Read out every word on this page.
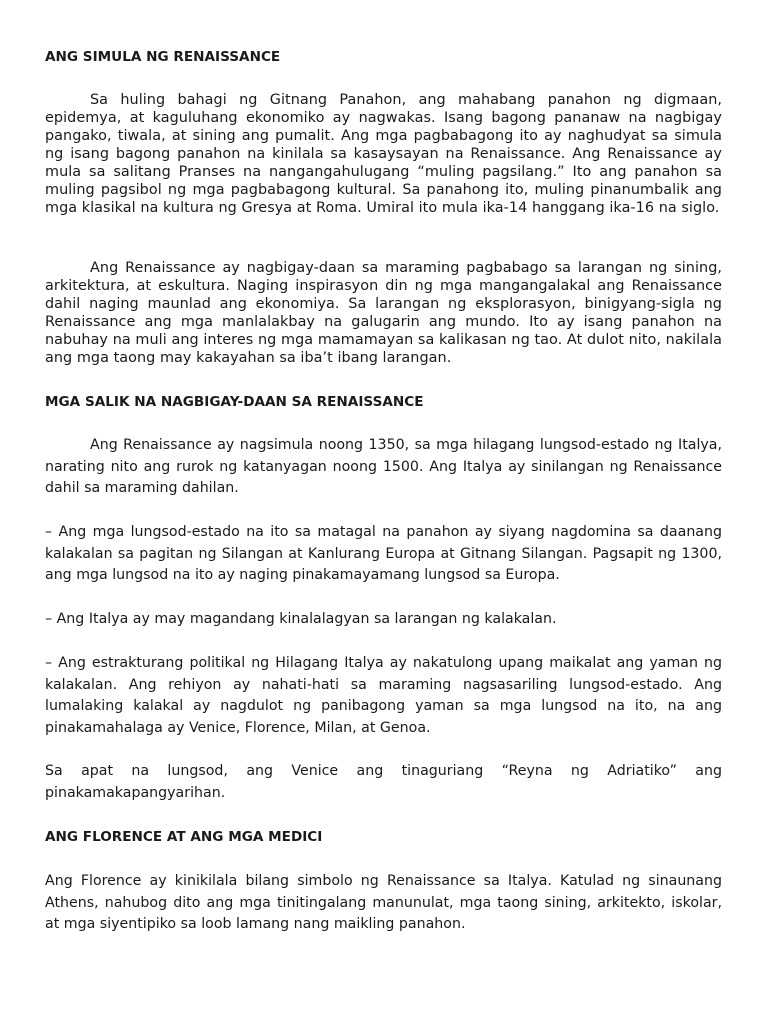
ANG SIMULA NG RENAISSANCE

Sa huling bahagi ng Gitnang Panahon, ang mahabang panahon ng digmaan, epidemya, at kaguluhang ekonomiko ay nagwakas. Isang bagong pananaw na nagbigay pangako, tiwala, at sining ang pumalit. Ang mga pagbabagong ito ay naghudyat sa simula ng isang bagong panahon na kinilala sa kasaysayan na Renaissance. Ang Renaissance ay mula sa salitang Pranses na nangangahulugang “muling pagsilang.” Ito ang panahon sa muling pagsibol ng mga pagbabagong kultural. Sa panahong ito, muling pinanumbalik ang mga klasikal na kultura ng Gresya at Roma. Umiral ito mula ika-14 hanggang ika-16 na siglo.

Ang Renaissance ay nagbigay-daan sa maraming pagbabago sa larangan ng sining, arkitektura, at eskultura. Naging inspirasyon din ng mga mangangalakal ang Renaissance dahil naging maunlad ang ekonomiya. Sa larangan ng eksplorasyon, binigyang-sigla ng Renaissance ang mga manlalakbay na galugarin ang mundo. Ito ay isang panahon na nabuhay na muli ang interes ng mga mamamayan sa kalikasan ng tao. At dulot nito, nakilala ang mga taong may kakayahan sa iba’t ibang larangan.

MGA SALIK NA NAGBIGAY-DAAN SA RENAISSANCE

Ang Renaissance ay nagsimula noong 1350, sa mga hilagang lungsod-estado ng Italya, narating nito ang rurok ng katanyagan noong 1500. Ang Italya ay sinilangan ng Renaissance dahil sa maraming dahilan.

– Ang mga lungsod-estado na ito sa matagal na panahon ay siyang nagdomina sa daanang kalakalan sa pagitan ng Silangan at Kanlurang Europa at Gitnang Silangan. Pagsapit ng 1300, ang mga lungsod na ito ay naging pinakamayamang lungsod sa Europa.

– Ang Italya ay may magandang kinalalagyan sa larangan ng kalakalan.

– Ang estrakturang politikal ng Hilagang Italya ay nakatulong upang maikalat ang yaman ng kalakalan. Ang rehiyon ay nahati-hati sa maraming nagsasariling lungsod-estado. Ang lumalaking kalakal ay nagdulot ng panibagong yaman sa mga lungsod na ito, na ang pinakamahalaga ay Venice, Florence, Milan, at Genoa.

Sa apat na lungsod, ang Venice ang tinaguriang “Reyna ng Adriatiko” ang pinakamakapangyarihan.

ANG FLORENCE AT ANG MGA MEDICI

Ang Florence ay kinikilala bilang simbolo ng Renaissance sa Italya. Katulad ng sinaunang Athens, nahubog dito ang mga tinitingalang manunulat, mga taong sining, arkitekto, iskolar, at mga siyentipiko sa loob lamang nang maikling panahon.
